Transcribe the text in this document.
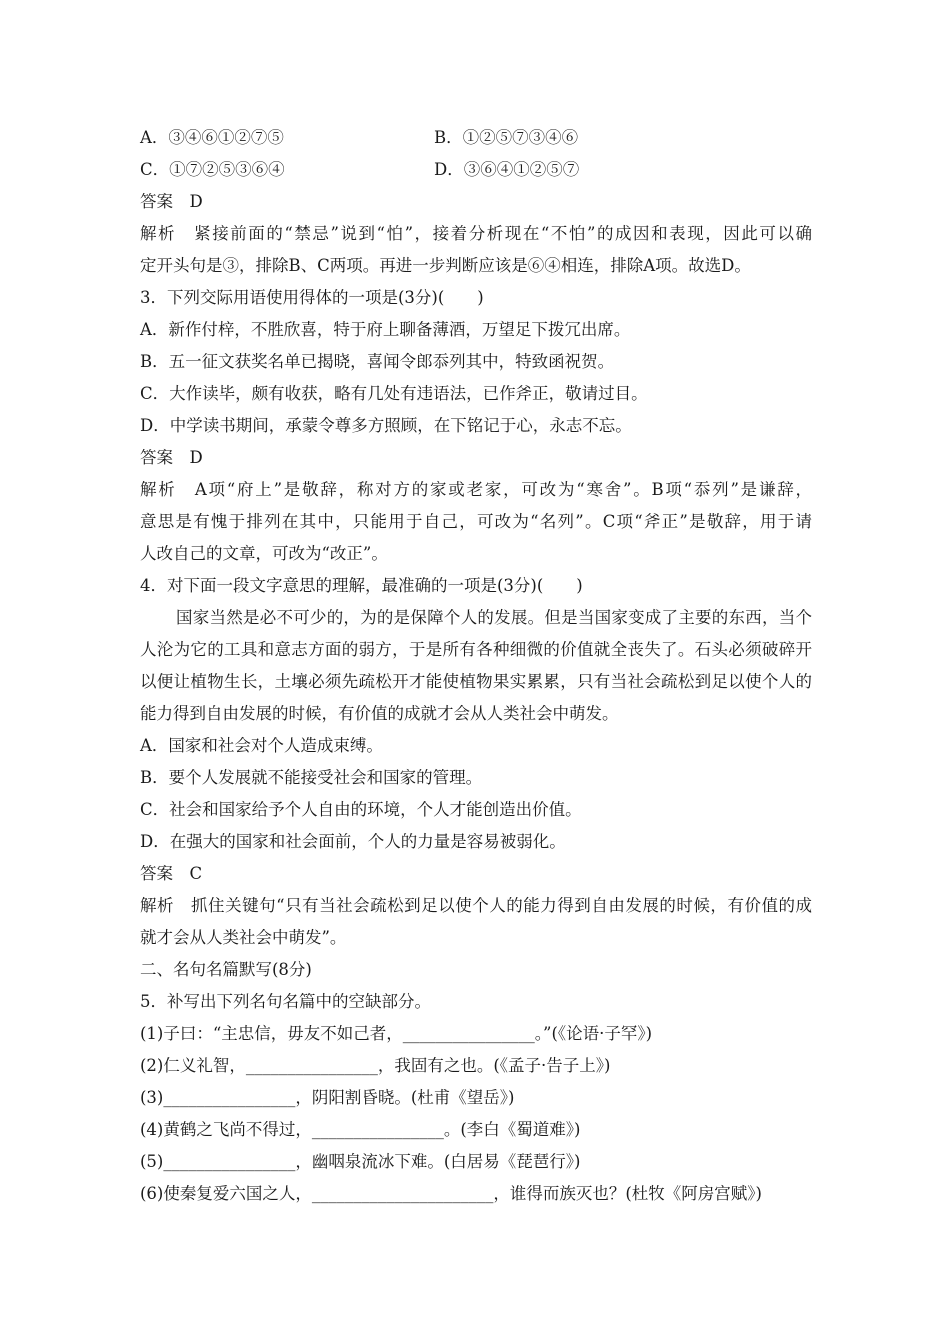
A．③④⑥①②⑦⑤	B．①②⑤⑦③④⑥
C．①⑦②⑤③⑥④	D．③⑥④①②⑤⑦
答案　D
解析　紧接前面的“禁忌”说到“怕”，接着分析现在“不怕”的成因和表现，因此可以确
定开头句是③，排除B、C两项。再进一步判断应该是⑥④相连，排除A项。故选D。
3．下列交际用语使用得体的一项是(3分)(　　)
A．新作付梓，不胜欣喜，特于府上聊备薄酒，万望足下拨冗出席。
B．五一征文获奖名单已揭晓，喜闻令郎忝列其中，特致函祝贺。
C．大作读毕，颇有收获，略有几处有违语法，已作斧正，敬请过目。
D．中学读书期间，承蒙令尊多方照顾，在下铭记于心，永志不忘。
答案　D
解析　A项“府上”是敬辞，称对方的家或老家，可改为“寒舍”。B项“忝列”是谦辞，
意思是有愧于排列在其中，只能用于自己，可改为“名列”。C项“斧正”是敬辞，用于请
人改自己的文章，可改为“改正”。
4．对下面一段文字意思的理解，最准确的一项是(3分)(　　)
国家当然是必不可少的，为的是保障个人的发展。但是当国家变成了主要的东西，当个
人沦为它的工具和意志方面的弱方，于是所有各种细微的价值就全丧失了。石头必须破碎开
以便让植物生长，土壤必须先疏松开才能使植物果实累累，只有当社会疏松到足以使个人的
能力得到自由发展的时候，有价值的成就才会从人类社会中萌发。
A．国家和社会对个人造成束缚。
B．要个人发展就不能接受社会和国家的管理。
C．社会和国家给予个人自由的环境，个人才能创造出价值。
D．在强大的国家和社会面前，个人的力量是容易被弱化。
答案　C
解析　抓住关键句“只有当社会疏松到足以使个人的能力得到自由发展的时候，有价值的成
就才会从人类社会中萌发”。
二、名句名篇默写(8分)
5．补写出下列名句名篇中的空缺部分。
(1)子曰：“主忠信，毋友不如己者，________________。”(《论语·子罕》)
(2)仁义礼智，________________，我固有之也。(《孟子·告子上》)
(3)________________，阴阳割昏晓。(杜甫《望岳》)
(4)黄鹤之飞尚不得过，________________。(李白《蜀道难》)
(5)________________，幽咽泉流冰下难。(白居易《琵琶行》)
(6)使秦复爱六国之人，______________________，谁得而族灭也？(杜牧《阿房宫赋》)
